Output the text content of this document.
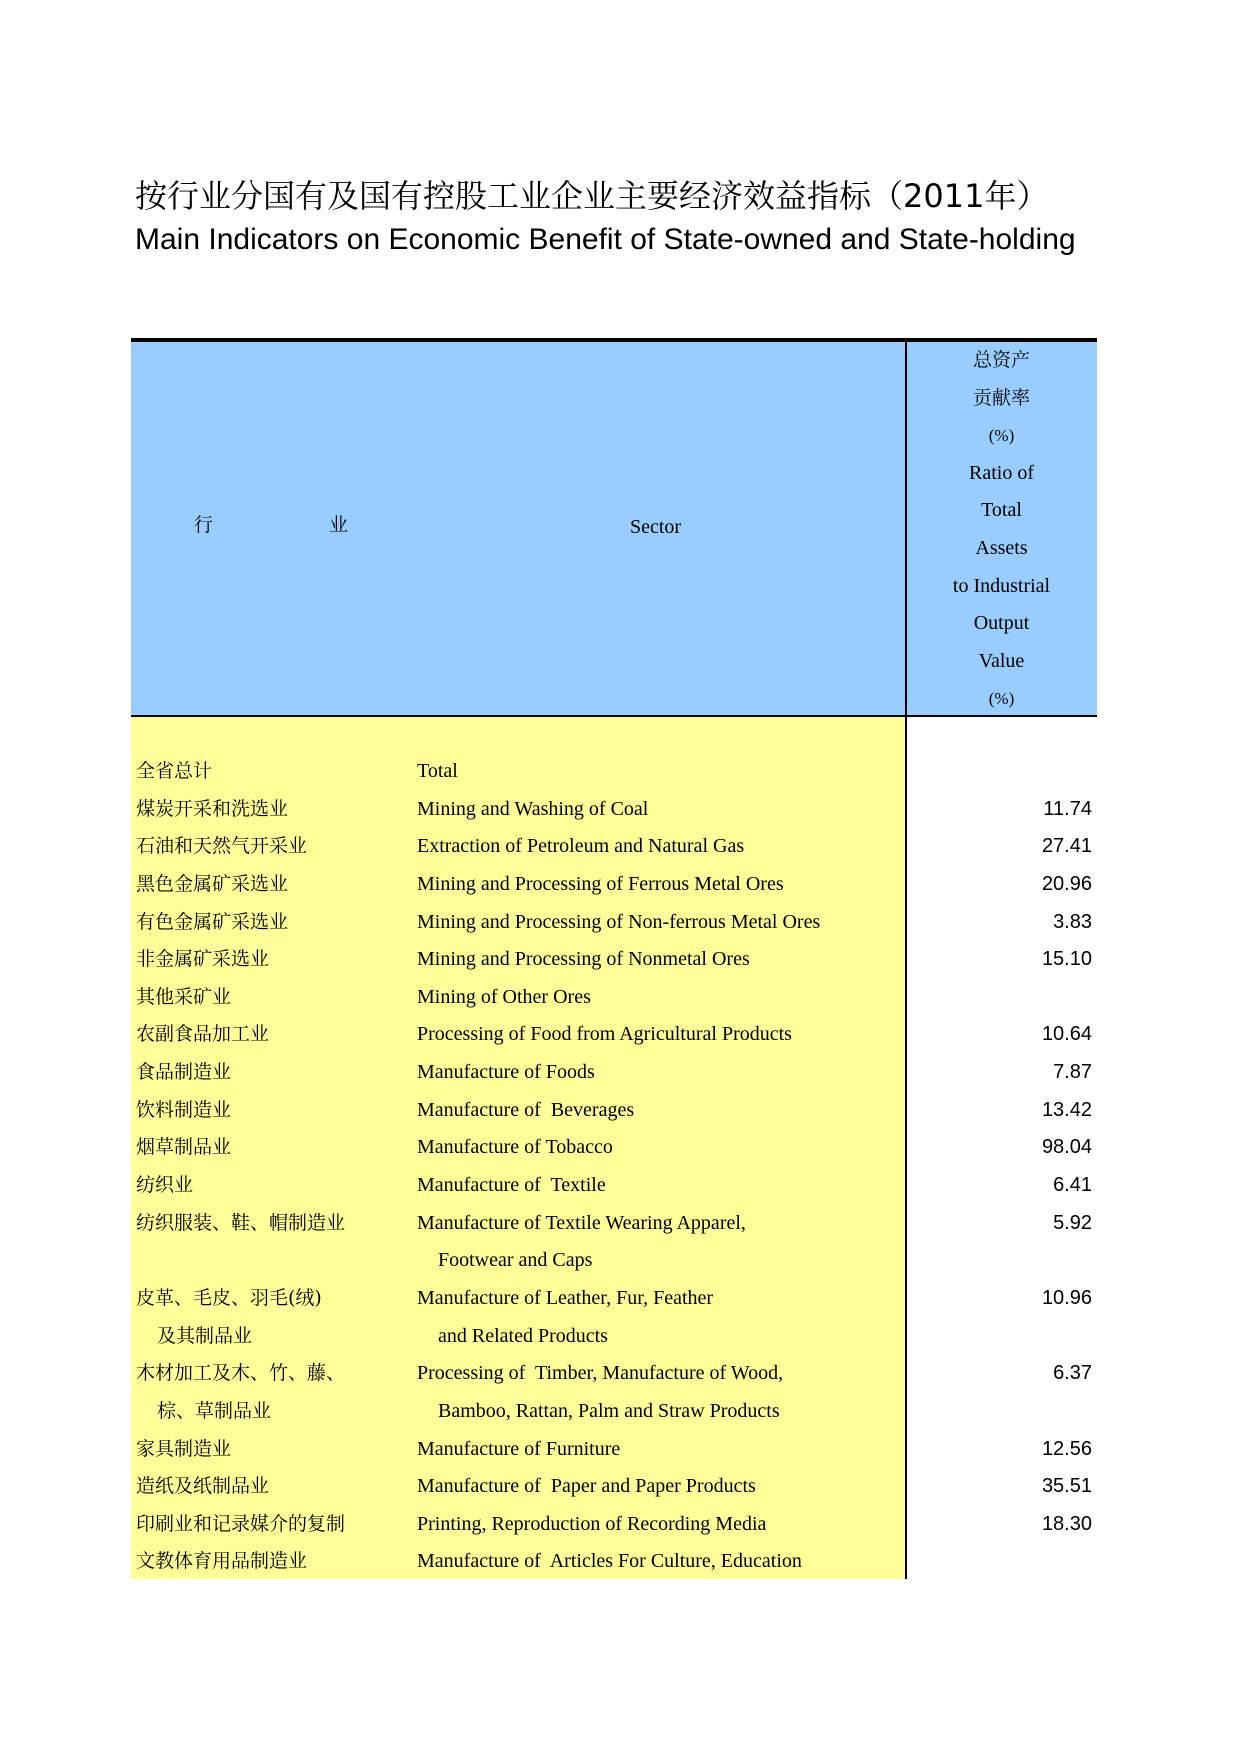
按行业分国有及国有控股工业企业主要经济效益指标（2011年）
Main Indicators on Economic Benefit of State-owned and State-holding
行	业	Sector
总资产
贡献率
(%)
Ratio of
Total
Assets
to Industrial
Output
Value
(%)
全省总计	Total
煤炭开采和洗选业	Mining and Washing of Coal	11.74
石油和天然气开采业	Extraction of Petroleum and Natural Gas	27.41
黑色金属矿采选业	Mining and Processing of Ferrous Metal Ores	20.96
有色金属矿采选业	Mining and Processing of Non-ferrous Metal Ores	3.83
非金属矿采选业	Mining and Processing of Nonmetal Ores	15.10
其他采矿业	Mining of Other Ores
农副食品加工业	Processing of Food from Agricultural Products	10.64
食品制造业	Manufacture of Foods	7.87
饮料制造业	Manufacture of  Beverages	13.42
烟草制品业	Manufacture of Tobacco	98.04
纺织业	Manufacture of  Textile	6.41
纺织服装、鞋、帽制造业	Manufacture of Textile Wearing Apparel,	5.92
Footwear and Caps
皮革、毛皮、羽毛(绒)	Manufacture of Leather, Fur, Feather	10.96
及其制品业	and Related Products
木材加工及木、竹、藤、	Processing of  Timber, Manufacture of Wood,	6.37
棕、草制品业	Bamboo, Rattan, Palm and Straw Products
家具制造业	Manufacture of Furniture	12.56
造纸及纸制品业	Manufacture of  Paper and Paper Products	35.51
印刷业和记录媒介的复制	Printing, Reproduction of Recording Media	18.30
文教体育用品制造业	Manufacture of  Articles For Culture, Education
